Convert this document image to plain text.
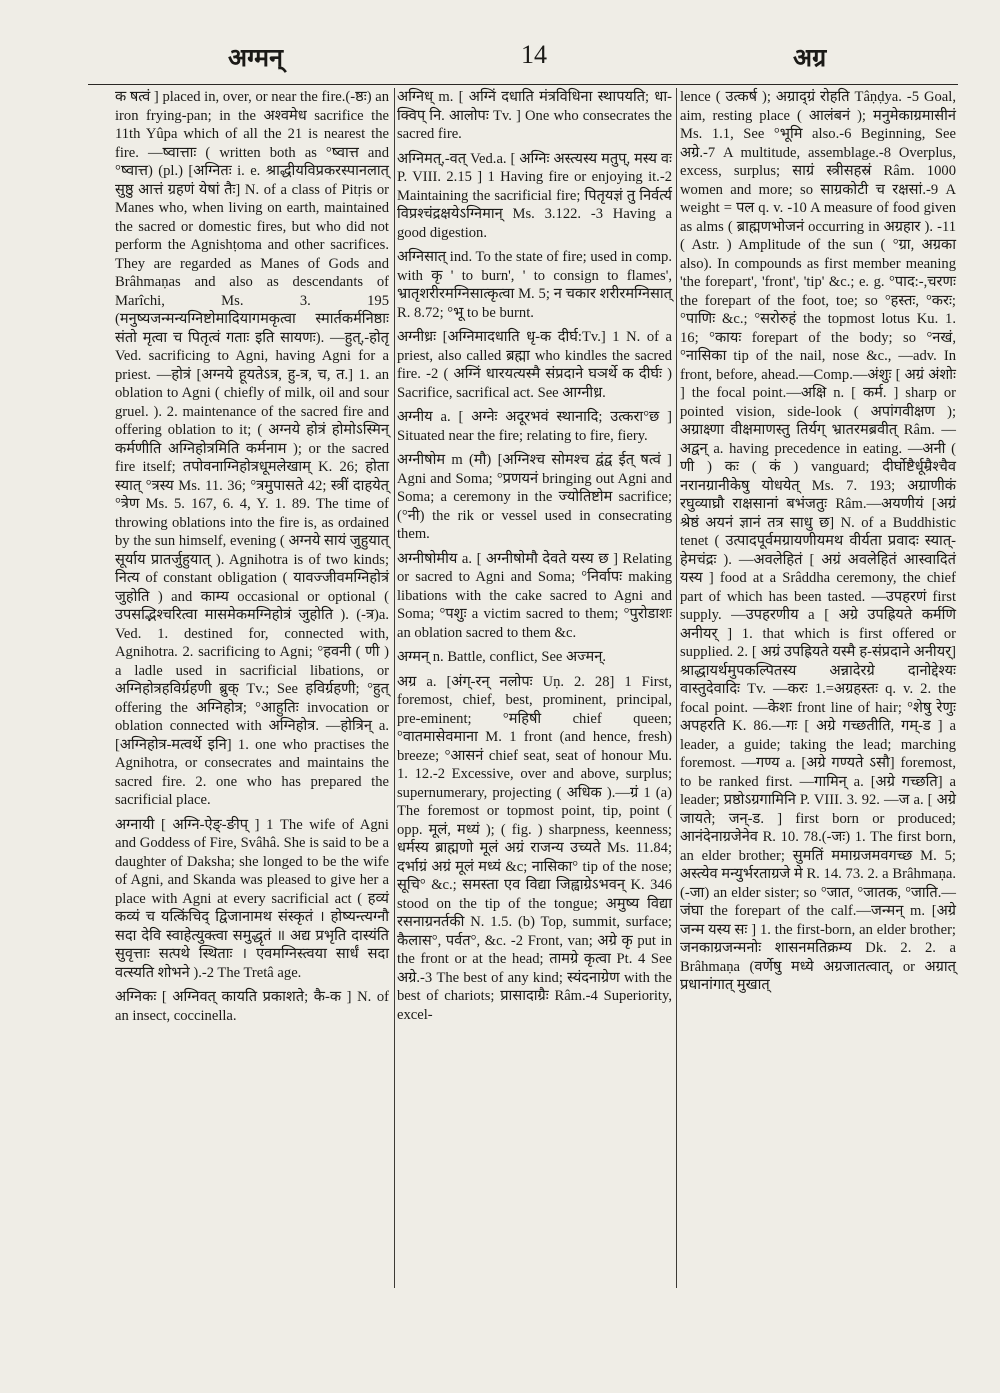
अग्मन्	14	अग्र

क षत्वं ] placed in, over, or near the fire.(-ष्ठः) an iron frying-pan; in the अश्वमेध sacrifice the 11th Yûpa which of all the 21 is nearest the fire. —ष्वात्ताः ( written both as °ष्वात्त and °ष्वात्त) (pl.) [अग्नितः i. e. श्राद्धीयविप्रकरस्पानलात् सुष्ठु आत्तं ग्रहणं येषां तैः] N. of a class of Pitṛis or Manes who, when living on earth, maintained the sacred or domestic fires, but who did not perform the Agnishṭoma and other sacrifices. They are regarded as Manes of Gods and Brâhmaṇas and also as descendants of Marîchi, Ms. 3. 195 (मनुष्यजन्मन्यग्निष्टोमादियागमकृत्वा स्मार्तकर्मनिष्ठाः संतो मृत्वा च पितृत्वं गताः इति सायणः). —हुत्,-होतृ Ved. sacrificing to Agni, having Agni for a priest. —होत्रं [अग्नये हूयतेऽत्र, हु-त्र, च, त.] 1. an oblation to Agni ( chiefly of milk, oil and sour gruel. ). 2. maintenance of the sacred fire and offering oblation to it; ( अग्नये होत्रं होमोऽस्मिन् कर्मणीति अग्निहोत्रमिति कर्मनाम ); or the sacred fire itself; तपोवनाग्निहोत्रधूमलेखाम् K. 26; होता स्यात् °त्रस्य Ms. 11. 36; °त्रमुपासते 42; स्त्रीं दाहयेत् °त्रेण Ms. 5. 167, 6. 4, Y. 1. 89. The time of throwing oblations into the fire is, as ordained by the sun himself, evening ( अग्नये सायं जुहुयात् सूर्याय प्रातर्जुहुयात् ). Agnihotra is of two kinds; नित्य of constant obligation ( यावज्जीवमग्निहोत्रं जुहोति ) and काम्य occasional or optional ( उपसद्भिश्चरित्वा मासमेकमग्निहोत्रं जुहोति ). (-त्र)a. Ved. 1. destined for, connected with, Agnihotra. 2. sacrificing to Agni; °हवनी ( णी ) a ladle used in sacrificial libations, or अग्निहोत्रहविर्ग्रहणी ब्रुक् Tv.; See हविर्ग्रहणी; °हुत् offering the अग्निहोत्र; °आहुतिः invocation or oblation connected with अग्निहोत्र. —होत्रिन् a. [अग्निहोत्र-मत्वर्थे इनि] 1. one who practises the Agnihotra, or consecrates and maintains the sacred fire. 2. one who has prepared the sacrificial place.

अग्नायी [ अग्नि-ऐङ्-ङीप् ] 1 The wife of Agni and Goddess of Fire, Svâhâ. She is said to be a daughter of Daksha; she longed to be the wife of Agni, and Skanda was pleased to give her a place with Agni at every sacrificial act ( हव्यं कव्यं च यत्किंचिद् द्विजानामथ संस्कृतं । होष्यन्त्यग्नौ सदा देवि स्वाहेत्युक्त्वा समुद्धृतं ॥ अद्य प्रभृति दास्यंति सुवृत्ताः सत्पथे स्थिताः । एवमग्निस्त्वया सार्धं सदा वत्स्यति शोभने ).-2 The Tretâ age.

अग्निकः [ अग्निवत् कायति प्रकाशते; कै-क ] N. of an insect, coccinella.

अग्निध् m. [ अग्निं दधाति मंत्रविधिना स्थापयति; धा-क्विप् नि. आलोपः Tv. ] One who consecrates the sacred fire.

अग्निमत्,-वत् Ved.a. [ अग्निः अस्त्यस्य मतुप्, मस्य वः P. VIII. 2.15 ] 1 Having fire or enjoying it.-2 Maintaining the sacrificial fire; पितृयज्ञं तु निर्वर्त्य विप्रश्चंद्रक्षयेऽग्निमान् Ms. 3.122. -3 Having a good digestion.

अग्निसात् ind. To the state of fire; used in comp. with कृ ' to burn', ' to consign to flames', भ्रातृशरीरमग्निसात्कृत्वा M. 5; न चकार शरीरमग्निसात् R. 8.72; °भू to be burnt.

अग्नीध्रः [अग्निमादधाति धृ-क दीर्घ:Tv.] 1 N. of a priest, also called ब्रह्मा who kindles the sacred fire. -2 ( अग्निं धारयत्यस्मै संप्रदाने घञर्थे क दीर्घः ) Sacrifice, sacrifical act. See आग्नीध्र.

अग्नीय a. [ अग्नेः अदूरभवं स्थानादि; उत्करा°छ ] Situated near the fire; relating to fire, fiery.

अग्नीषोम m (मौ) [अग्निश्च सोमश्च द्वंद्व ईत् षत्वं ] Agni and Soma; °प्रणयनं bringing out Agni and Soma; a ceremony in the ज्योतिष्टोम sacrifice; (°नी) the rik or vessel used in consecrating them.

अग्नीषोमीय a. [ अग्नीषोमौ देवते यस्य छ ] Relating or sacred to Agni and Soma; °निर्वापः making libations with the cake sacred to Agni and Soma; °पशुः a victim sacred to them; °पुरोडाशः an oblation sacred to them &c.

अग्मन् n. Battle, conflict, See अज्मन्.

अग्र a. [अंग्-रन् नलोपः Uṇ. 2. 28] 1 First, foremost, chief, best, prominent, principal, pre-eminent; °महिषी chief queen; °वातमासेवमाना M. 1 front (and hence, fresh) breeze; °आसनं chief seat, seat of honour Mu. 1. 12.-2 Excessive, over and above, surplus; supernumerary, projecting ( अधिक ).—ग्रं 1 (a) The foremost or topmost point, tip, point ( opp. मूलं, मध्यं ); ( fig. ) sharpness, keenness; धर्मस्य ब्राह्मणो मूलं अग्रं राजन्य उच्यते Ms. 11.84; दर्भाग्रं अग्रं मूलं मध्यं &c; नासिका° tip of the nose; सूचि° &c.; समस्ता एव विद्या जिह्वाग्रेऽभवन् K. 346 stood on the tip of the tongue; अमुष्य विद्या रसनाग्रनर्तकी N. 1.5. (b) Top, summit, surface; कैलास°, पर्वत°, &c. -2 Front, van; अग्रे कृ put in the front or at the head; तामग्रे कृत्वा Pt. 4 See अग्रे.-3 The best of any kind; स्यंदनाग्रेण with the best of chariots; प्रासादाग्रैः Râm.-4 Superiority, excel-

lence ( उत्कर्ष ); अग्राद्ग्रं रोहति Tâṇḍya. -5 Goal, aim, resting place ( आलंबनं ); मनुमेकाग्रमासीनं Ms. 1.1, See °भूमि also.-6 Beginning, See अग्रे.-7 A multitude, assemblage.-8 Overplus, excess, surplus; साग्रं स्त्रीसहस्रं Râm. 1000 women and more; so साग्रकोटी च रक्षसां.-9 A weight = पल q. v. -10 A measure of food given as alms ( ब्राह्मणभोजनं occurring in अग्रहार ). -11 ( Astr. ) Amplitude of the sun ( °ग्रा, अग्रका also). In compounds as first member meaning 'the forepart', 'front', 'tip' &c.; e. g. °पाद:-,चरणः the forepart of the foot, toe; so °हस्तः, °करः; °पाणिः &c.; °सरोरुहं the topmost lotus Ku. 1. 16; °कायः forepart of the body; so °नखं, °नासिका tip of the nail, nose &c., —adv. In front, before, ahead.—Comp.—अंशुः [ अग्रं अंशोः ] the focal point.—अक्षि n. [ कर्म. ] sharp or pointed vision, side-look ( अपांगवीक्षण ); अग्राक्ष्णा वीक्षमाणस्तु तिर्यग् भ्रातरमब्रवीत् Râm. —अद्वन् a. having precedence in eating. —अनी ( णी ) कः ( कं ) vanguard; दीर्घोष्टैर्धूम्रैश्चैव नरानग्रानीकेषु योधयेत् Ms. 7. 193; अग्राणीकं रघुव्याघ्रौ राक्षसानां बभंजतुः Râm.—अयणीयं [अग्रं श्रेष्ठं अयनं ज्ञानं तत्र साधु छ] N. of a Buddhistic tenet ( उत्पादपूर्वमग्रायणीयमथ वीर्यता प्रवादः स्यात्-हेमचंद्रः ). —अवलेहितं [ अग्रं अवलेहितं आस्वादितं यस्य ] food at a Srâddha ceremony, the chief part of which has been tasted. —उपहरणं first supply. —उपहरणीय a [ अग्रे उपह्रियते कर्मणि अनीयर् ] 1. that which is first offered or supplied. 2. [ अग्रं उपह्रियते यस्मै ह-संप्रदाने अनीयर्] श्राद्धायर्थमुपकल्पितस्य अन्नादेरग्रे दानोद्देश्यः वास्तुदेवादिः Tv. —करः 1.=अग्रहस्तः q. v. 2. the focal point. —केशः front line of hair; °शेषु रेणुः अपहरति K. 86.—गः [ अग्रे गच्छतीति, गम्-ड ] a leader, a guide; taking the lead; marching foremost. —गण्य a. [अग्रे गण्यते ऽसौ] foremost, to be ranked first. —गामिन् a. [अग्रे गच्छति] a leader; प्रष्ठोऽग्रगामिनि P. VIII. 3. 92. —ज a. [ अग्रे जायते; जन्-ड. ] first born or produced; आनंदेनाग्रजेनेव R. 10. 78.(-जः) 1. The first born, an elder brother; सुमतिं ममाग्रजमवगच्छ M. 5; अस्त्येव मन्युर्भरताग्रजे मे R. 14. 73. 2. a Brâhmaṇa. (-जा) an elder sister; so °जात, °जातक, °जाति.—जंघा the forepart of the calf.—जन्मन् m. [अग्रे जन्म यस्य सः ] 1. the first-born, an elder brother; जनकाग्रजन्मनोः शासनमतिक्रम्य Dk. 2. 2. a Brâhmaṇa (वर्णेषु मध्ये अग्रजातत्वात्, or अग्रात् प्रधानांगात् मुखात्
